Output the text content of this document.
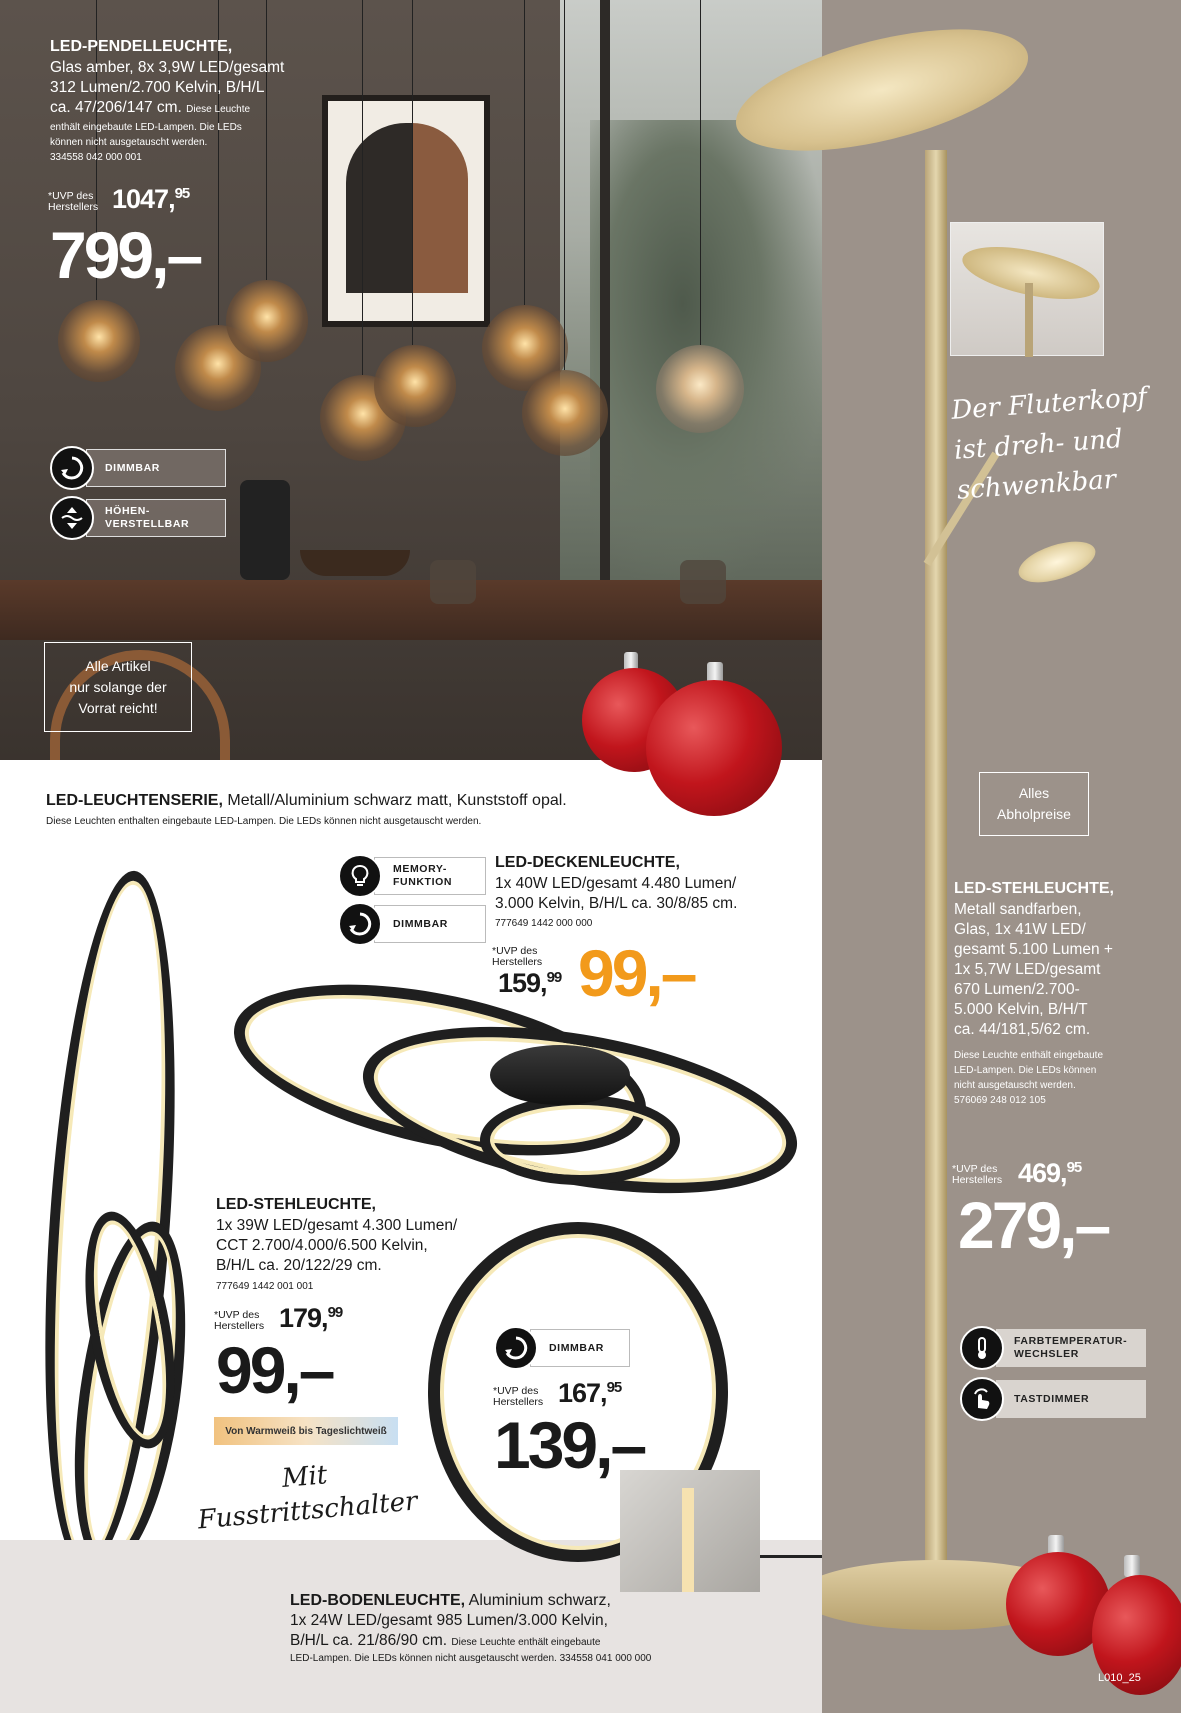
LED-PENDELLEUCHTE,
Glas amber, 8x 3,9W LED/gesamt
312 Lumen/2.700 Kelvin, B/H/L
ca. 47/206/147 cm. Diese Leuchte
enthält eingebaute LED-Lampen. Die LEDs
können nicht ausgetauscht werden.
334558 042 000 001
*UVP des
Herstellers 1047,95
799,–
DIMMBAR
HÖHEN-
VERSTELLBAR
Alle Artikel
nur solange der
Vorrat reicht!
Der Fluterkopf
ist dreh- und
schwenkbar
Alles
Abholpreise
LED-STEHLEUCHTE,
Metall sandfarben,
Glas, 1x 41W LED/
gesamt 5.100 Lumen +
1x 5,7W LED/gesamt
670 Lumen/2.700-
5.000 Kelvin, B/H/T
ca. 44/181,5/62 cm.
Diese Leuchte enthält eingebaute
LED-Lampen. Die LEDs können
nicht ausgetauscht werden.
576069 248 012 105
*UVP des
Herstellers 469,95
279,–
FARBTEMPERATUR-
WECHSLER
TASTDIMMER
L010_25
LED-LEUCHTENSERIE, Metall/Aluminium schwarz matt, Kunststoff opal.
Diese Leuchten enthalten eingebaute LED-Lampen. Die LEDs können nicht ausgetauscht werden.
MEMORY-
FUNKTION
DIMMBAR
LED-DECKENLEUCHTE,
1x 40W LED/gesamt 4.480 Lumen/
3.000 Kelvin, B/H/L ca. 30/8/85 cm.
777649 1442 000 000
*UVP des
Herstellers
159,99 99,–
LED-STEHLEUCHTE,
1x 39W LED/gesamt 4.300 Lumen/
CCT 2.700/4.000/6.500 Kelvin,
B/H/L ca. 20/122/29 cm.
777649 1442 001 001
*UVP des
Herstellers 179,99
99,–
Von Warmweiß bis Tageslichtweiß
Mit
Fusstrittschalter
DIMMBAR
*UVP des
Herstellers 167,95
139,–
LED-BODENLEUCHTE, Aluminium schwarz,
1x 24W LED/gesamt 985 Lumen/3.000 Kelvin,
B/H/L ca. 21/86/90 cm. Diese Leuchte enthält eingebaute
LED-Lampen. Die LEDs können nicht ausgetauscht werden. 334558 041 000 000
